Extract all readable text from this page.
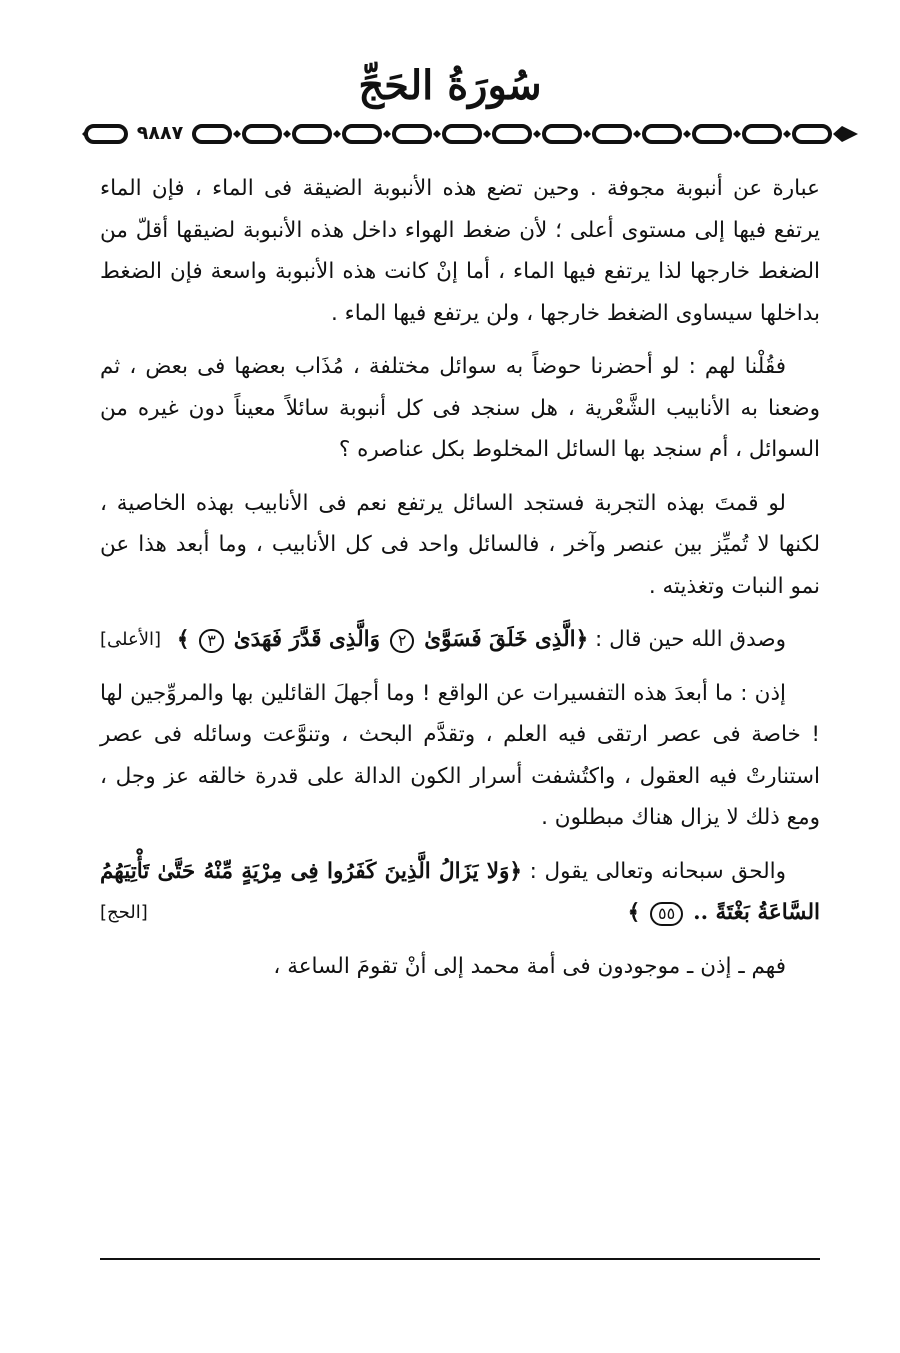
سُورَةُ الحَجِّ
٩٨٨٧

عبارة عن أنبوبة مجوفة . وحين تضع هذه الأنبوبة الضيقة فى الماء ، فإن الماء يرتفع فيها إلى مستوى أعلى ؛ لأن ضغط الهواء داخل هذه الأنبوبة لضيقها أقلّ من الضغط خارجها لذا يرتفع فيها الماء ، أما إنْ كانت هذه الأنبوبة واسعة فإن الضغط بداخلها سيساوى الضغط خارجها ، ولن يرتفع فيها الماء .

فقُلْنا لهم : لو أحضرنا حوضاً به سوائل مختلفة ، مُذَاب بعضها فى بعض ، ثم وضعنا به الأنابيب الشَّعْرية ، هل سنجد فى كل أنبوبة سائلاً معيناً دون غيره من السوائل ، أم سنجد بها السائل المخلوط بكل عناصره ؟

لو قمتَ بهذه التجربة فستجد السائل يرتفع نعم فى الأنابيب بهذه الخاصية ، لكنها لا تُميِّز بين عنصر وآخر ، فالسائل واحد فى كل الأنابيب ، وما أبعد هذا عن نمو النبات وتغذيته .

وصدق الله حين قال : ﴿الَّذِى خَلَقَ فَسَوَّىٰ ٢ وَالَّذِى قَدَّرَ فَهَدَىٰ ٣ ﴾
[الأعلى]

إذن : ما أبعدَ هذه التفسيرات عن الواقع ! وما أجهلَ القائلين بها والمروِّجين لها ! خاصة فى عصر ارتقى فيه العلم ، وتقدَّم البحث ، وتنوَّعت وسائله فى عصر استنارتْ فيه العقول ، واكتُشفت أسرار الكون الدالة على قدرة خالقه عز وجل ، ومع ذلك لا يزال هناك مبطلون .

والحق سبحانه وتعالى يقول : ﴿وَلا يَزَالُ الَّذِينَ كَفَرُوا فِى مِرْيَةٍ مِّنْهُ حَتَّىٰ تَأْتِيَهُمُ السَّاعَةُ بَغْتَةً .. ٥٥ ﴾
[الحج]

فهم ـ إذن ـ موجودون فى أمة محمد إلى أنْ تقومَ الساعة ،
